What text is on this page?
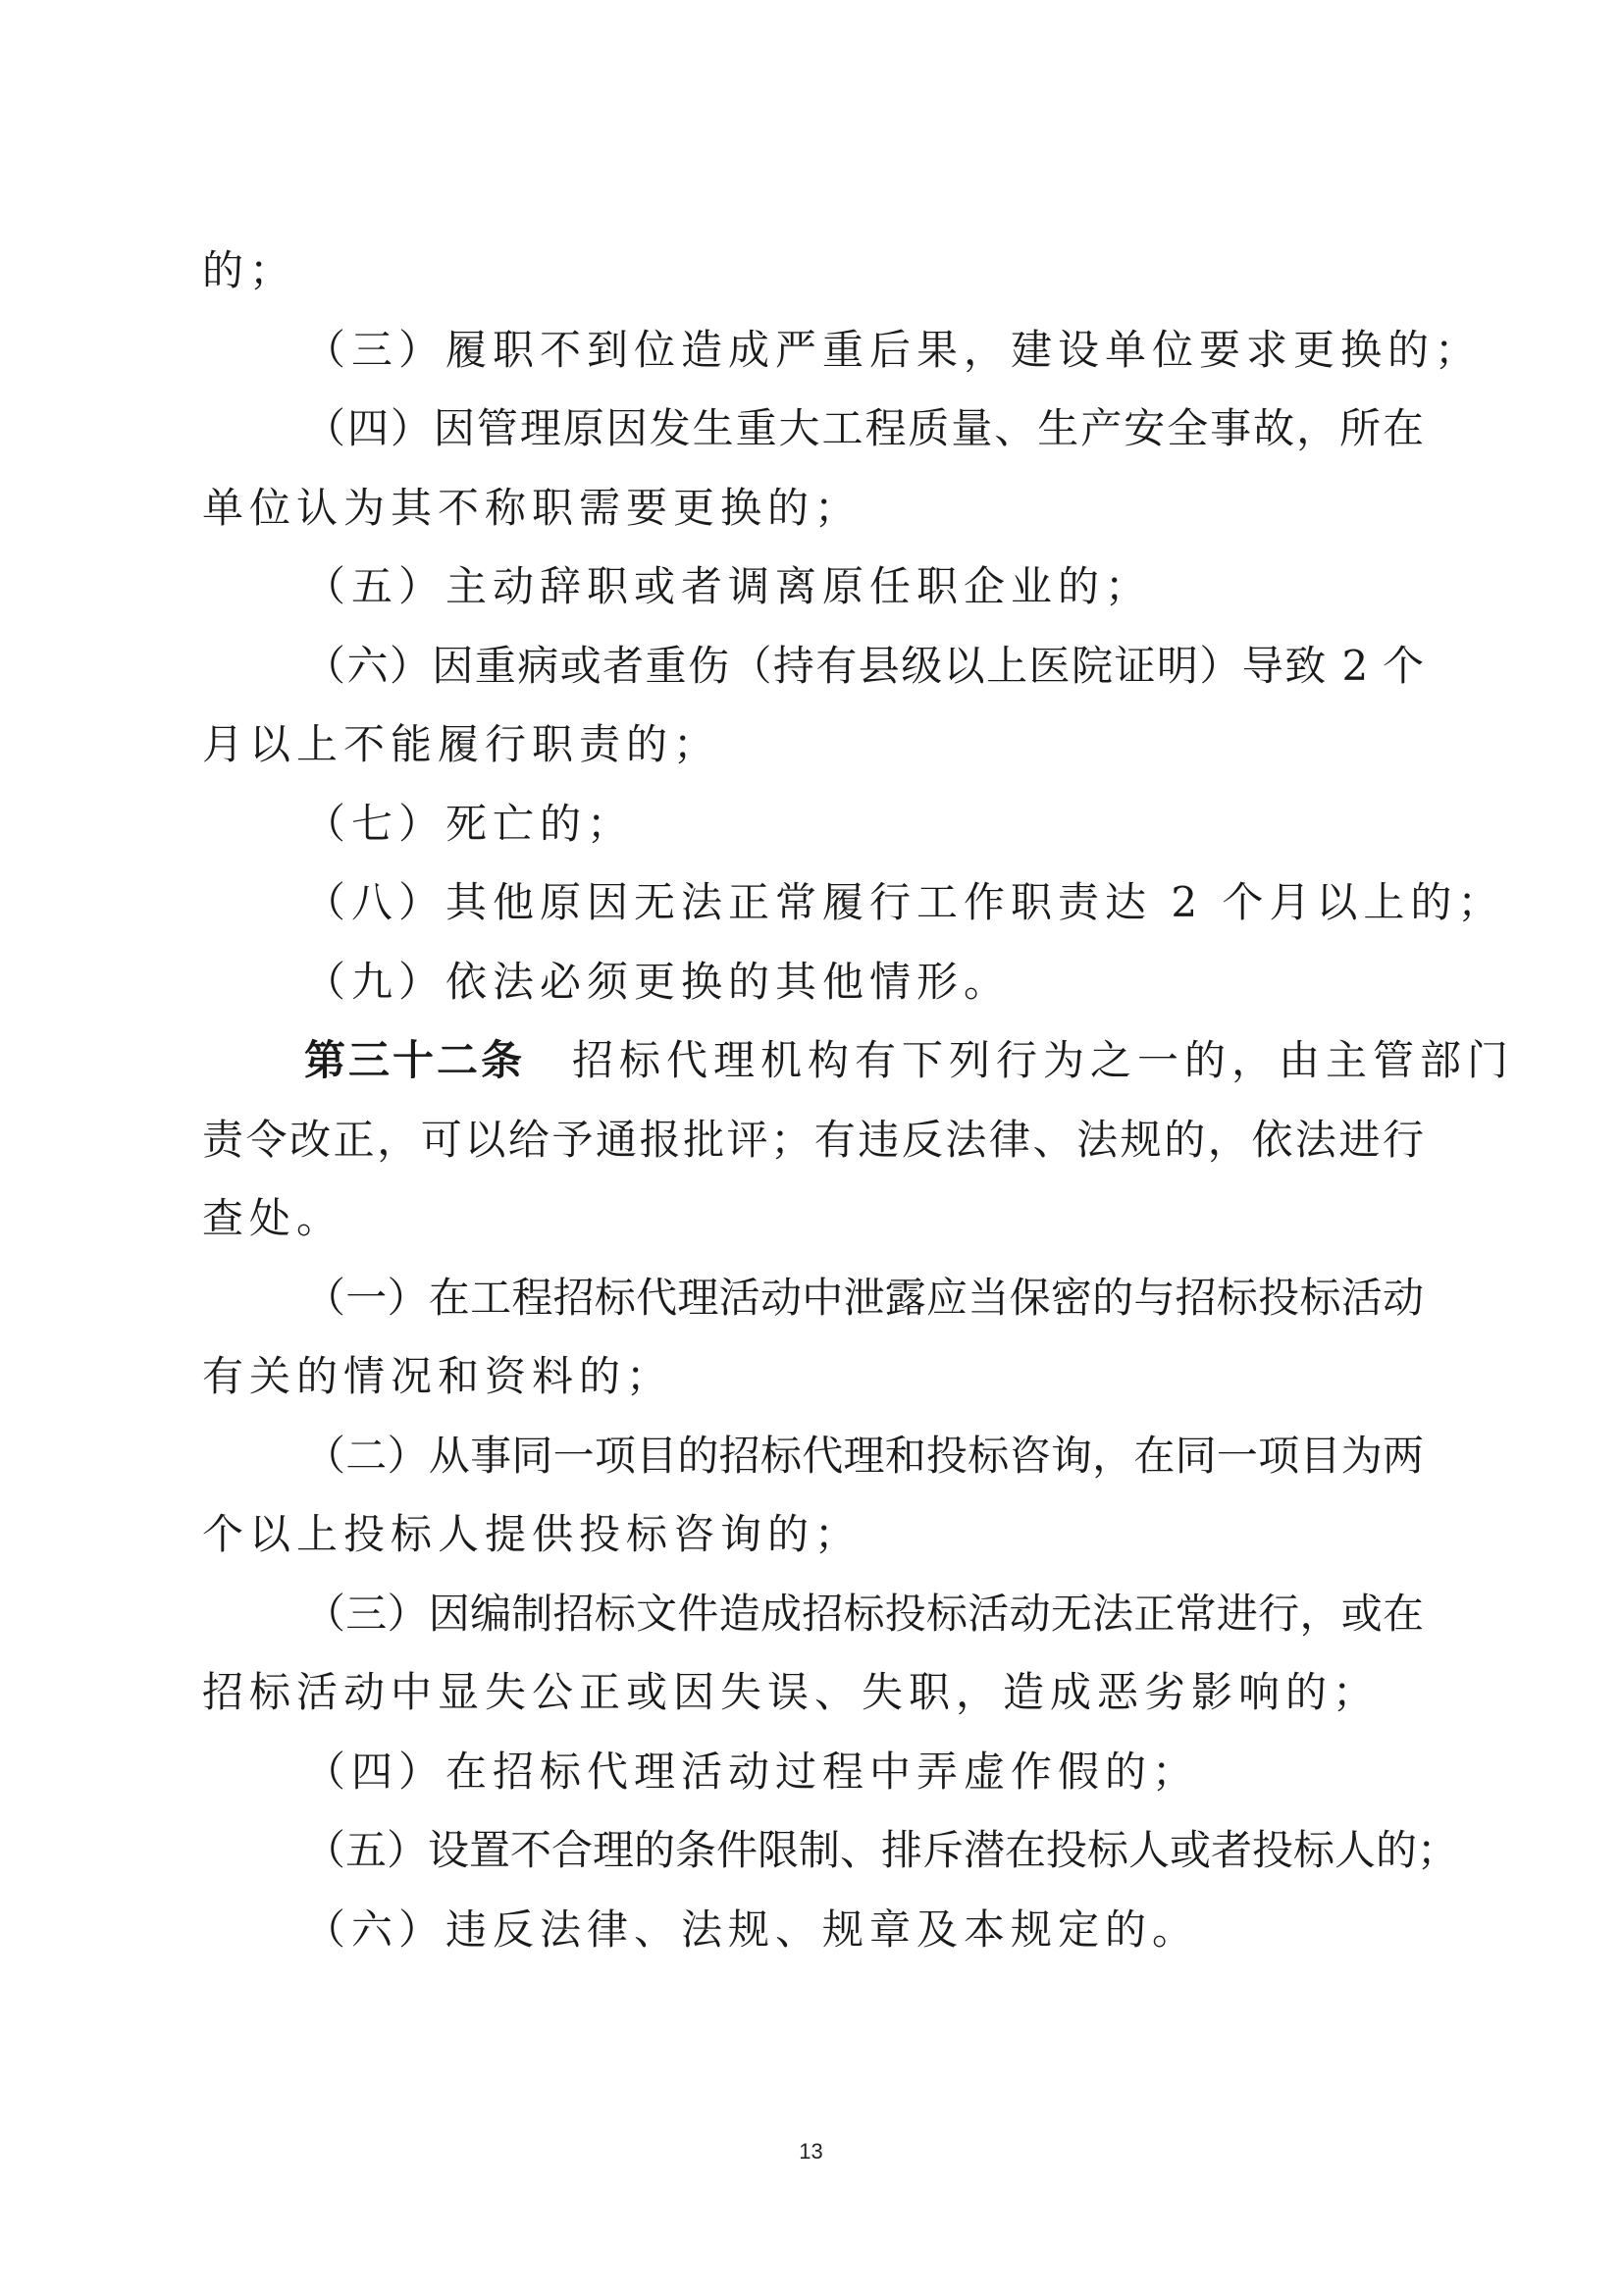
的；
（三）履职不到位造成严重后果，建设单位要求更换的；
（四）因管理原因发生重大工程质量、生产安全事故，所在
单位认为其不称职需要更换的；
（五）主动辞职或者调离原任职企业的；
（六）因重病或者重伤（持有县级以上医院证明）导致 2 个
月以上不能履行职责的；
（七）死亡的；
（八）其他原因无法正常履行工作职责达 2 个月以上的；
（九）依法必须更换的其他情形。
第三十二条 招标代理机构有下列行为之一的，由主管部门
责令改正，可以给予通报批评；有违反法律、法规的，依法进行
查处。
（一）在工程招标代理活动中泄露应当保密的与招标投标活动
有关的情况和资料的；
（二）从事同一项目的招标代理和投标咨询，在同一项目为两
个以上投标人提供投标咨询的；
（三）因编制招标文件造成招标投标活动无法正常进行，或在
招标活动中显失公正或因失误、失职，造成恶劣影响的；
（四）在招标代理活动过程中弄虚作假的；
（五）设置不合理的条件限制、排斥潜在投标人或者投标人的；
（六）违反法律、法规、规章及本规定的。
13
